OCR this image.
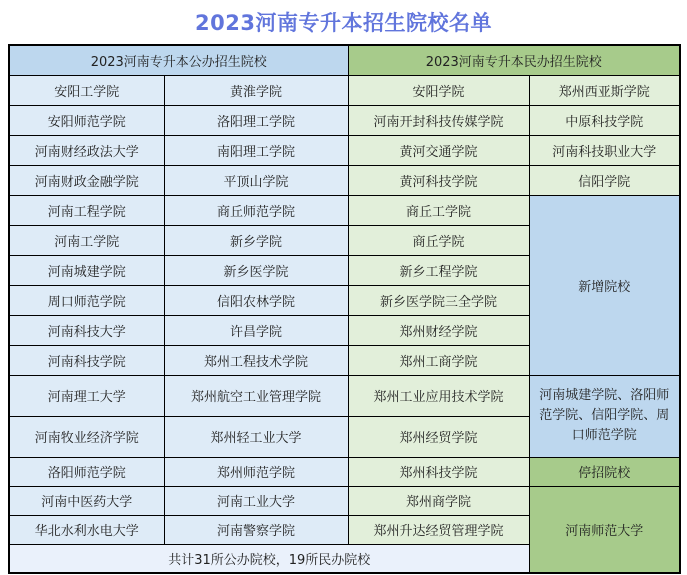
2023河南专升本招生院校名单
2023河南专升本公办招生院校		2023河南专升本民办招生院校	
安阳工学院	黄淮学院	安阳学院	郑州西亚斯学院
安阳师范学院	洛阳理工学院	河南开封科技传媒学院	中原科技学院
河南财经政法大学	南阳理工学院	黄河交通学院	河南科技职业大学
河南财政金融学院	平顶山学院	黄河科技学院	信阳学院
河南工程学院	商丘师范学院	商丘工学院	新增院校
河南工学院	新乡学院	商丘学院	
河南城建学院	新乡医学院	新乡工程学院	
周口师范学院	信阳农林学院	新乡医学院三全学院	
河南科技大学	许昌学院	郑州财经学院	
河南科技学院	郑州工程技术学院	郑州工商学院	
河南理工大学	郑州航空工业管理学院	郑州工业应用技术学院	河南城建学院、洛阳师范学院、信阳学院、周口师范学院
河南牧业经济学院	郑州轻工业大学	郑州经贸学院	
洛阳师范学院	郑州师范学院	郑州科技学院	停招院校
河南中医药大学	河南工业大学	郑州商学院	河南师范大学
华北水利水电大学	河南警察学院	郑州升达经贸管理学院	
共计31所公办院校，19所民办院校			
